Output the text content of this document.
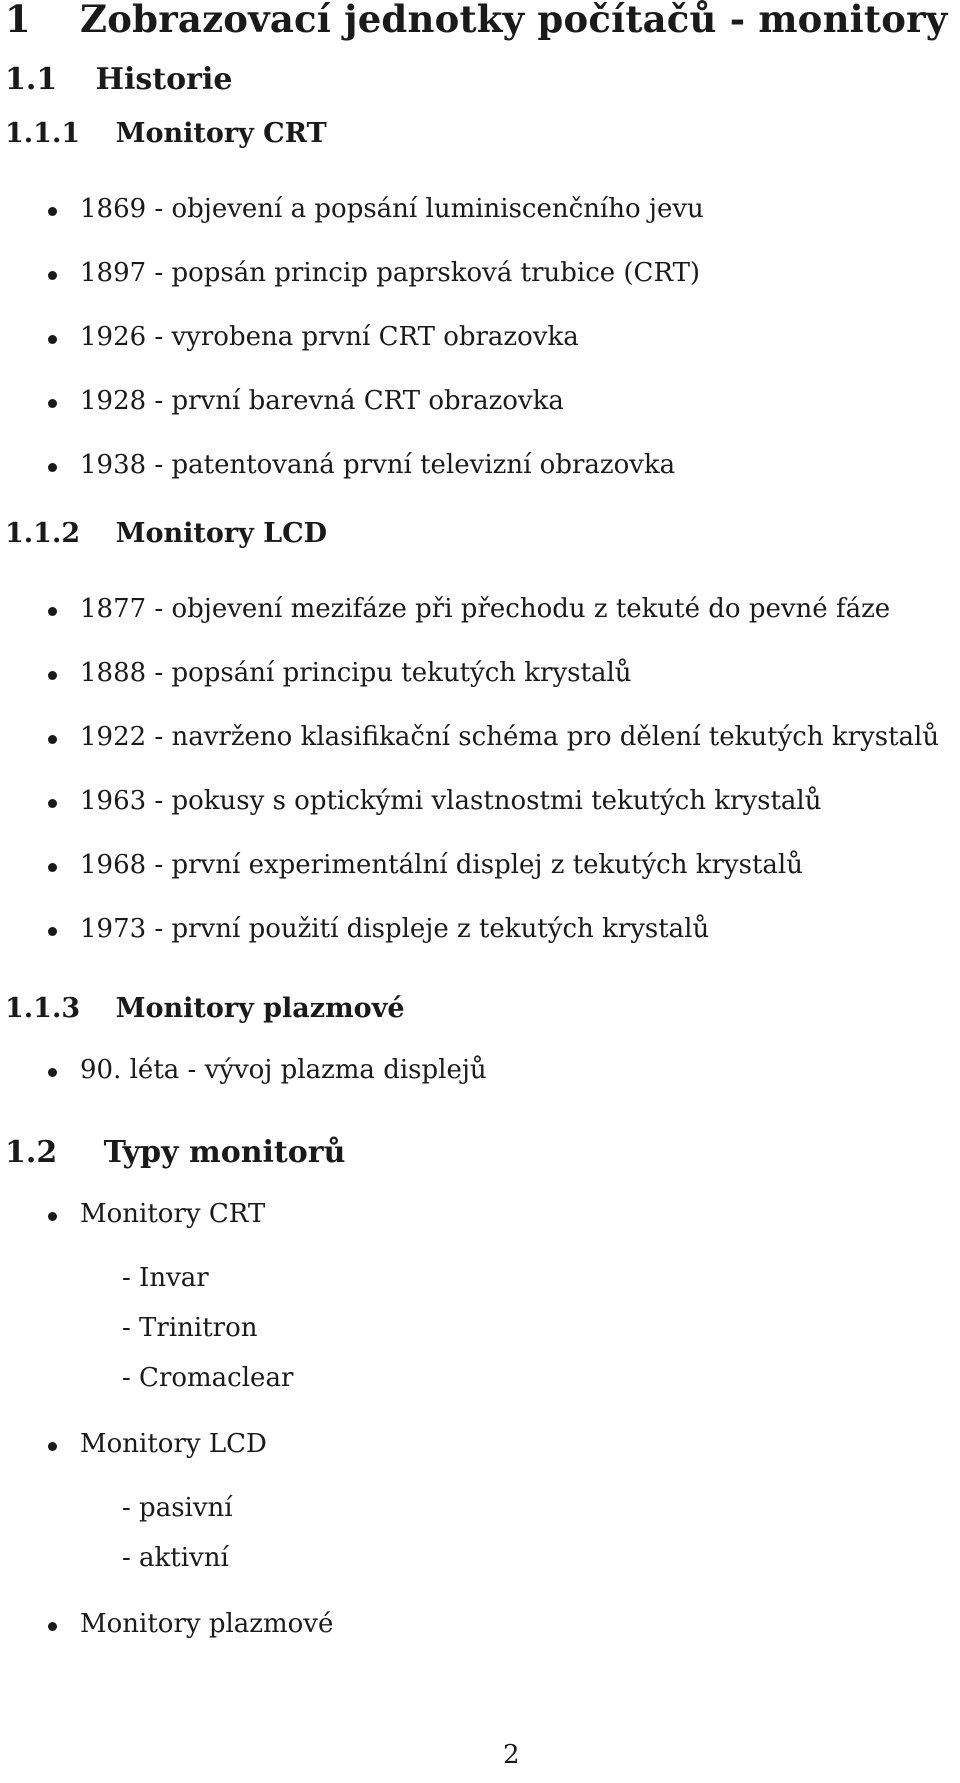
1 Zobrazovací jednotky počítačů - monitory
1.1 Historie
1.1.1 Monitory CRT
1869 - objevení a popsání luminiscenčního jevu
1897 - popsán princip paprsková trubice (CRT)
1926 - vyrobena první CRT obrazovka
1928 - první barevná CRT obrazovka
1938 - patentovaná první televizní obrazovka
1.1.2 Monitory LCD
1877 - objevení mezifáze při přechodu z tekuté do pevné fáze
1888 - popsání principu tekutých krystalů
1922 - navrženo klasifikační schéma pro dělení tekutých krystalů
1963 - pokusy s optickými vlastnostmi tekutých krystalů
1968 - první experimentální displej z tekutých krystalů
1973 - první použití displeje z tekutých krystalů
1.1.3 Monitory plazmové
90. léta - vývoj plazma displejů
1.2 Typy monitorů
Monitory CRT
- Invar
- Trinitron
- Cromaclear
Monitory LCD
- pasivní
- aktivní
Monitory plazmové
2
